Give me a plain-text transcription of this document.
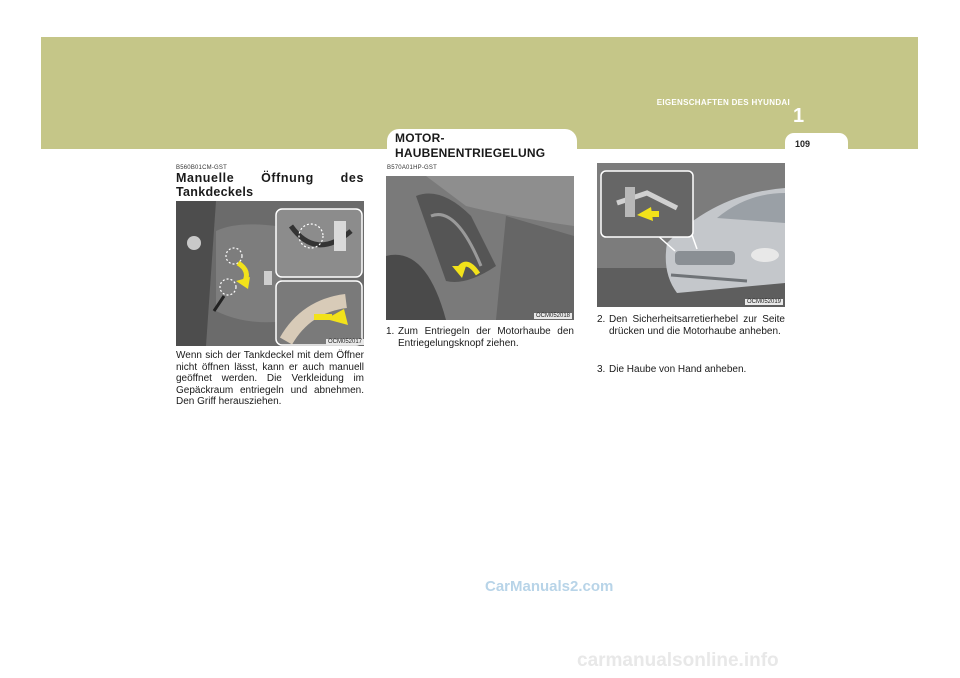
EIGENSCHAFTEN DES HYUNDAI
1
109
B560B01CM-GST
Manuelle Öffnung des
Tankdeckels
OCM052017
Wenn sich der Tankdeckel mit dem Öffner nicht öffnen lässt, kann er auch manuell geöffnet werden. Die Verkleidung im Gepäckraum entriegeln und abnehmen. Den Griff herausziehen.
MOTOR-HAUBENENTRIEGELUNG
B570A01HP-GST
OCM052018
1. Zum Entriegeln der Motorhaube den Entriegelungsknopf ziehen.
OCM052019
2. Den Sicherheitsarretierhebel zur Seite drücken und die Motorhaube anheben.
3. Die Haube von Hand anheben.
CarManuals2.com
carmanualsonline.info
